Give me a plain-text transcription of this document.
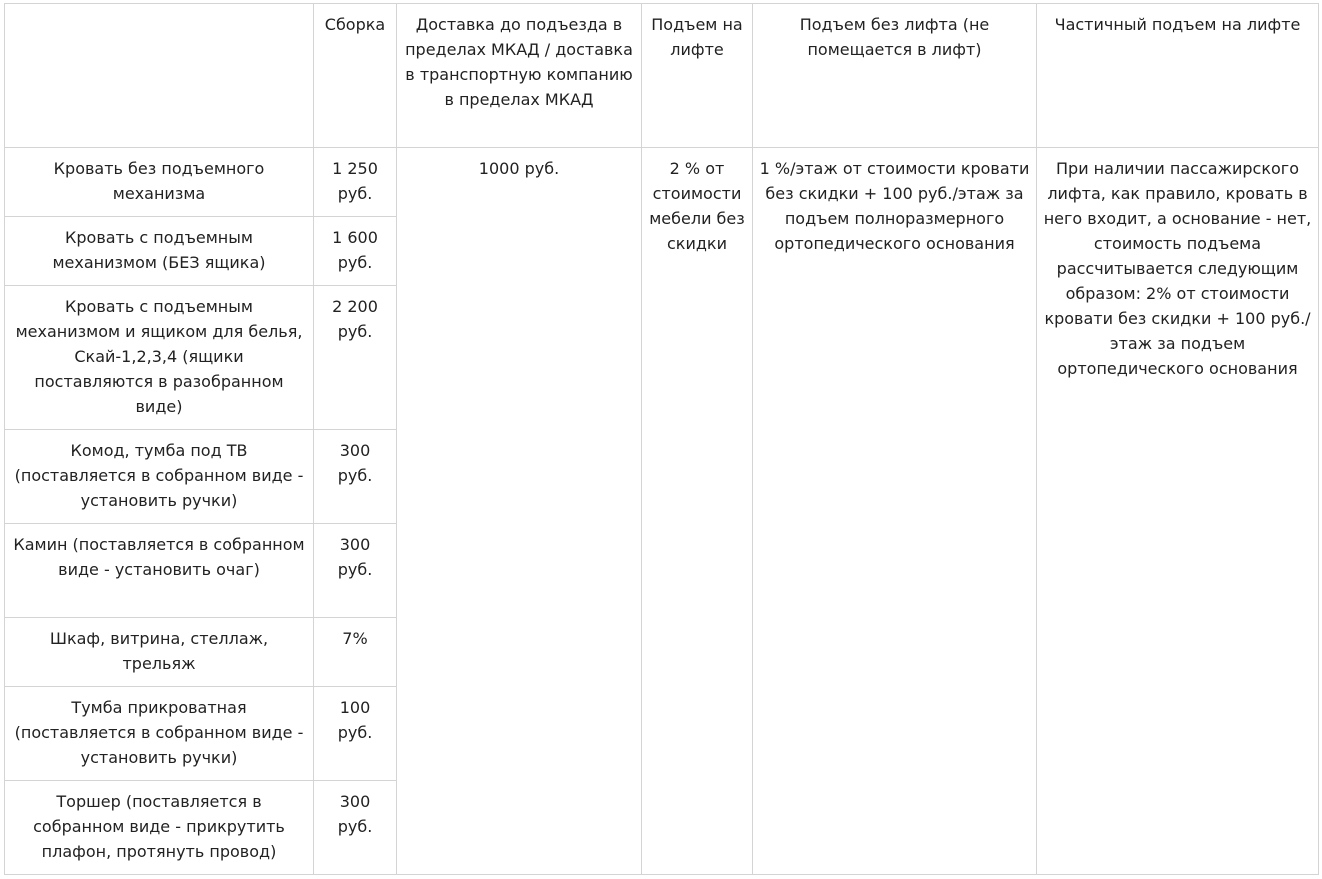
	Сборка	Доставка до подъезда в пределах МКАД / доставка в транспортную компанию в пределах МКАД	Подъем на лифте	Подъем без лифта (не помещается в лифт)	Частичный подъем на лифте
Кровать без подъемного механизма	1 250 руб.	1000 руб.	2 % от стоимости мебели без скидки	1 %/этаж от стоимости кровати без скидки + 100 руб./этаж за подъем полноразмерного ортопедического основания	При наличии пассажирского лифта, как правило, кровать в него входит, а основание - нет, стоимость подъема рассчитывается следующим образом: 2% от стоимости кровати без скидки + 100 руб./этаж за подъем ортопедического основания
Кровать с подъемным механизмом (БЕЗ ящика)	1 600 руб.				
Кровать с подъемным механизмом и ящиком для белья, Скай-1,2,3,4 (ящики поставляются в разобранном виде)	2 200 руб.				
Комод, тумба под ТВ (поставляется в собранном виде - установить ручки)	300 руб.				
Камин (поставляется в собранном виде - установить очаг)	300 руб.				
Шкаф, витрина, стеллаж, трельяж	7%				
Тумба прикроватная (поставляется в собранном виде - установить ручки)	100 руб.				
Торшер (поставляется в собранном виде - прикрутить плафон, протянуть провод)	300 руб.				
